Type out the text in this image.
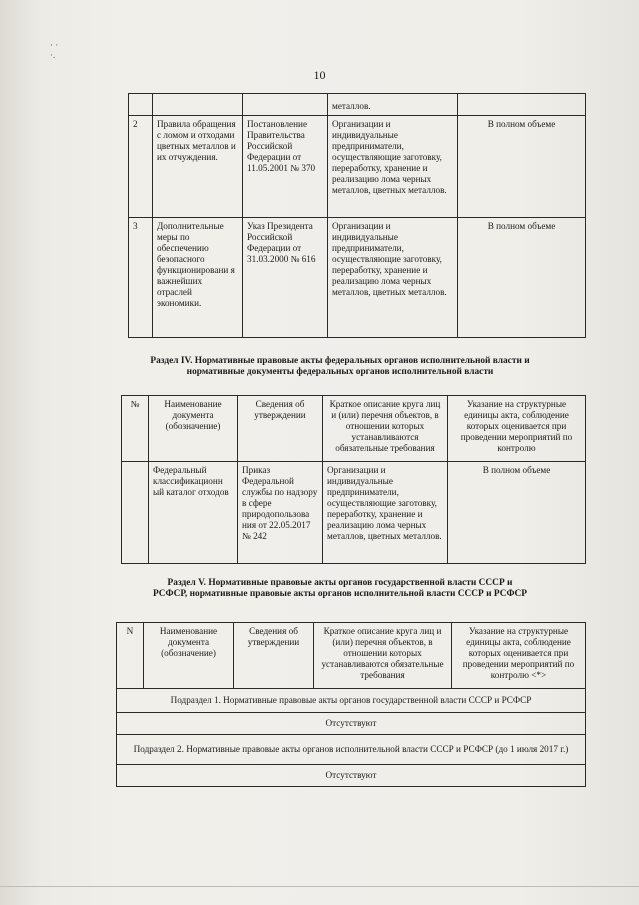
· ·
·.
10
			металлов.	
2	Правила обращения с ломом и отходами цветных металлов и их отчуждения.	Постановление Правительства Российской Федерации от 11.05.2001 № 370	Организации и индивидуальные предприниматели, осуществляющие заготовку, переработку, хранение и реализацию лома черных металлов, цветных металлов.	В полном объеме
3	Дополнительные меры по обеспечению безопасного функционировани я важнейших отраслей экономики.	Указ Президента Российской Федерации от 31.03.2000 № 616	Организации и индивидуальные предприниматели, осуществляющие заготовку, переработку, хранение и реализацию лома черных металлов, цветных металлов.	В полном объеме
Раздел IV. Нормативные правовые акты федеральных органов исполнительной власти и нормативные документы федеральных органов исполнительной власти
№	Наименование документа (обозначение)	Сведения об утверждении	Краткое описание круга лиц и (или) перечня объектов, в отношении которых устанавливаются обязательные требования	Указание на структурные единицы акта, соблюдение которых оценивается при проведении мероприятий по контролю
	Федеральный классификационн ый каталог отходов	Приказ Федеральной службы по надзору в сфере природопользова ния от 22.05.2017 № 242	Организации и индивидуальные предприниматели, осуществляющие заготовку, переработку, хранение и реализацию лома черных металлов, цветных металлов.	В полном объеме
Раздел V. Нормативные правовые акты органов государственной власти СССР и РСФСР, нормативные правовые акты органов исполнительной власти СССР и РСФСР
N	Наименование документа (обозначение)	Сведения об утверждении	Краткое описание круга лиц и (или) перечня объектов, в отношении которых устанавливаются обязательные требования	Указание на структурные единицы акта, соблюдение которых оценивается при проведении мероприятий по контролю <*>
Подраздел 1. Нормативные правовые акты органов государственной власти СССР и РСФСР
Отсутствуют
Подраздел 2. Нормативные правовые акты органов исполнительной власти СССР и РСФСР (до 1 июля 2017 г.)
Отсутствуют
